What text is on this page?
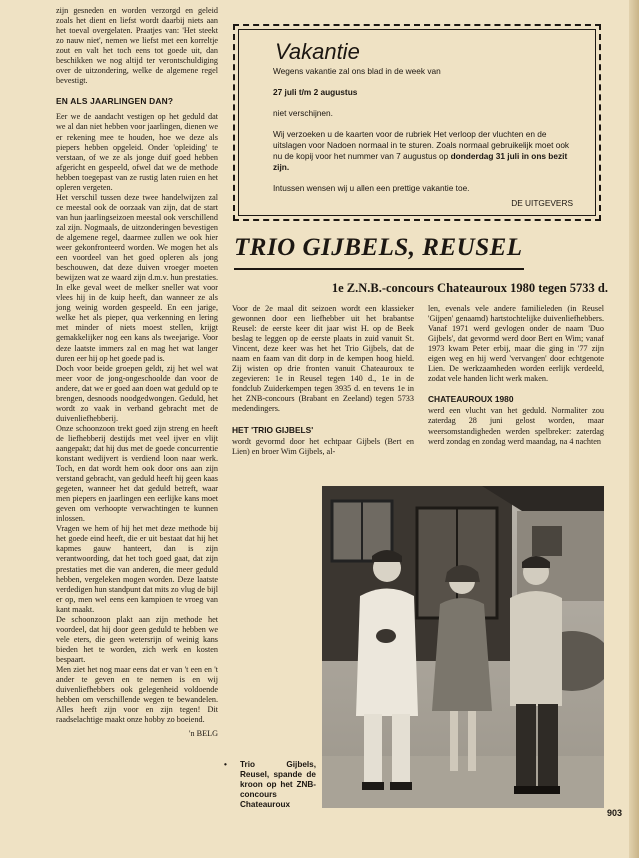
zijn gesneden en worden verzorgd en geleid zoals het dient en liefst wordt daarbij niets aan het toeval overgelaten. Praatjes van: 'Het steekt zo nauw niet', nemen we liefst met een korreltje zout en valt het toch eens tot goede uit, dan beschikken we nog altijd ter verontschuldiging over de uitzondering, welke de algemene regel bevestigt.

EN ALS JAARLINGEN DAN?

Eer we de aandacht vestigen op het geduld dat we al dan niet hebben voor jaarlingen, dienen we er rekening mee te houden, hoe we deze als piepers hebben opgeleid. Onder 'opleiding' te verstaan, of we ze als jonge duif goed hebben afgericht en gespeeld, ofwel dat we de methode hebben toegepast van ze rustig laten ruien en het opleren vergeten.

Het verschil tussen deze twee handelwijzen zal ce meestal ook de oorzaak van zijn, dat de start van hun jaarlingseizoen meestal ook verschillend zal zijn. Nogmaals, de uitzonderingen bevestigen de algemene regel, daarmee zullen we ook hier weer gekonfronteerd worden. We mogen het als een voordeel van het goed opleren als jong beschouwen, dat deze duiven vroeger moeten bewijzen wat ze waard zijn d.m.v. hun prestaties. In elke geval weet de melker sneller wat voor vlees hij in de kuip heeft, dan wanneer ze als jong weinig worden gespeeld. En een jarige, welke het als pieper, qua verkenning en lering met minder of niets moest stellen, krijgt gemakkelijker nog een kans als tweejarige. Voor deze laatste immers zal en mag het wat langer duren eer hij op het goede pad is.

Doch voor beide groepen geldt, zij het wel wat meer voor de jong-ongeschoolde dan voor de andere, dat we er goed aan doen wat geduld op te brengen, desnoods noodgedwongen. Geduld, het wordt zo vaak in verband gebracht met de duivenliefhebberij.

Onze schoonzoon trekt goed zijn streng en heeft de liefhebberij destijds met veel ijver en vlijt aangepakt; dat hij dus met de goede concurrentie konstant wedijvert is verdiend loon naar werk. Toch, en dat wordt hem ook door ons aan zijn verstand gebracht, van geduld heeft hij geen kaas gegeten, wanneer het dat geduld betreft, waar men piepers en jaarlingen een eerlijke kans moet geven om verhoopte verwachtingen te kunnen inlossen.

Vragen we hem of hij het met deze methode bij het goede eind heeft, die er uit bestaat dat hij het kapmes gauw hanteert, dan is zijn verantwoording, dat het toch goed gaat, dat zijn prestaties met die van anderen, die meer geduld hebben, vergeleken mogen worden. Deze laatste verdedigen hun standpunt dat mits zo vlug de bijl er op, men wel eens een kampioen te vroeg van kant maakt.

De schoonzoon plakt aan zijn methode het voordeel, dat hij door geen geduld te hebben we vele eters, die geen wetersrijn of weinig kans bieden het te worden, zich werk en kosten bespaart.

Men ziet het nog maar eens dat er van 't een en 't ander te geven en te nemen is en wij duivenliefhebbers ook gelegenheid voldoende hebben om verschillende wegen te bewandelen. Alles heeft zijn voor en zijn tegen! Dit raadselachtige maakt onze hobby zo boeiend.

'n BELG
Vakantie

Wegens vakantie zal ons blad in de week van

27 juli t/m 2 augustus

niet verschijnen.

Wij verzoeken u de kaarten voor de rubriek Het verloop der vluchten en de uitslagen voor Nadoen normaal in te sturen. Zoals normaal gebruikelijk moet ook nu de kopij voor het nummer van 7 augustus op donderdag 31 juli in ons bezit zijn.

Intussen wensen wij u allen een prettige vakantie toe.

DE UITGEVERS
TRIO GIJBELS, REUSEL
1e Z.N.B.-concours Chateauroux 1980 tegen 5733 d.

Voor de 2e maal dit seizoen wordt een klassieker gewonnen door een liefhebber uit het brabantse Reusel: de eerste keer dit jaar wist H. op de Beek beslag te leggen op de eerste plaats in zuid vanuit St. Vincent, deze keer was het het Trio Gijbels, dat de naam en faam van dit dorp in de kempen hoog hield. Zij wisten op drie fronten vanuit Chateauroux te zegevieren: 1e in Reusel tegen 140 d., 1e in de fondclub Zuiderkempen tegen 3935 d. en tevens 1e in het ZNB-concours (Brabant en Zeeland) tegen 5733 medendingers.

HET 'TRIO GIJBELS'

wordt gevormd door het echtpaar Gijbels (Bert en Lien) en broer Wim Gijbels, al-

len, evenals vele andere familieleden (in Reusel 'Gijpen' genaamd) hartstochtelijke duivenliefhebbers. Vanaf 1971 werd gevlogen onder de naam 'Duo Gijbels', dat gevormd werd door Bert en Wim; vanaf 1973 kwam Peter erbij, maar die ging in '77 zijn eigen weg en hij werd 'vervangen' door echtgenote Lien. De werkzaamheden worden eerlijk verdeeld, zodat vele handen licht werk maken.

CHATEAUROUX 1980

werd een vlucht van het geduld. Normaliter zou zaterdag 28 juni gelost worden, maar weersomstandigheden werden spelbreker: zaterdag werd zondag en zondag werd maandag, na 4 nachten

• Trio Gijbels, Reusel, spande de kroon op het ZNB-concours Chateauroux
903
